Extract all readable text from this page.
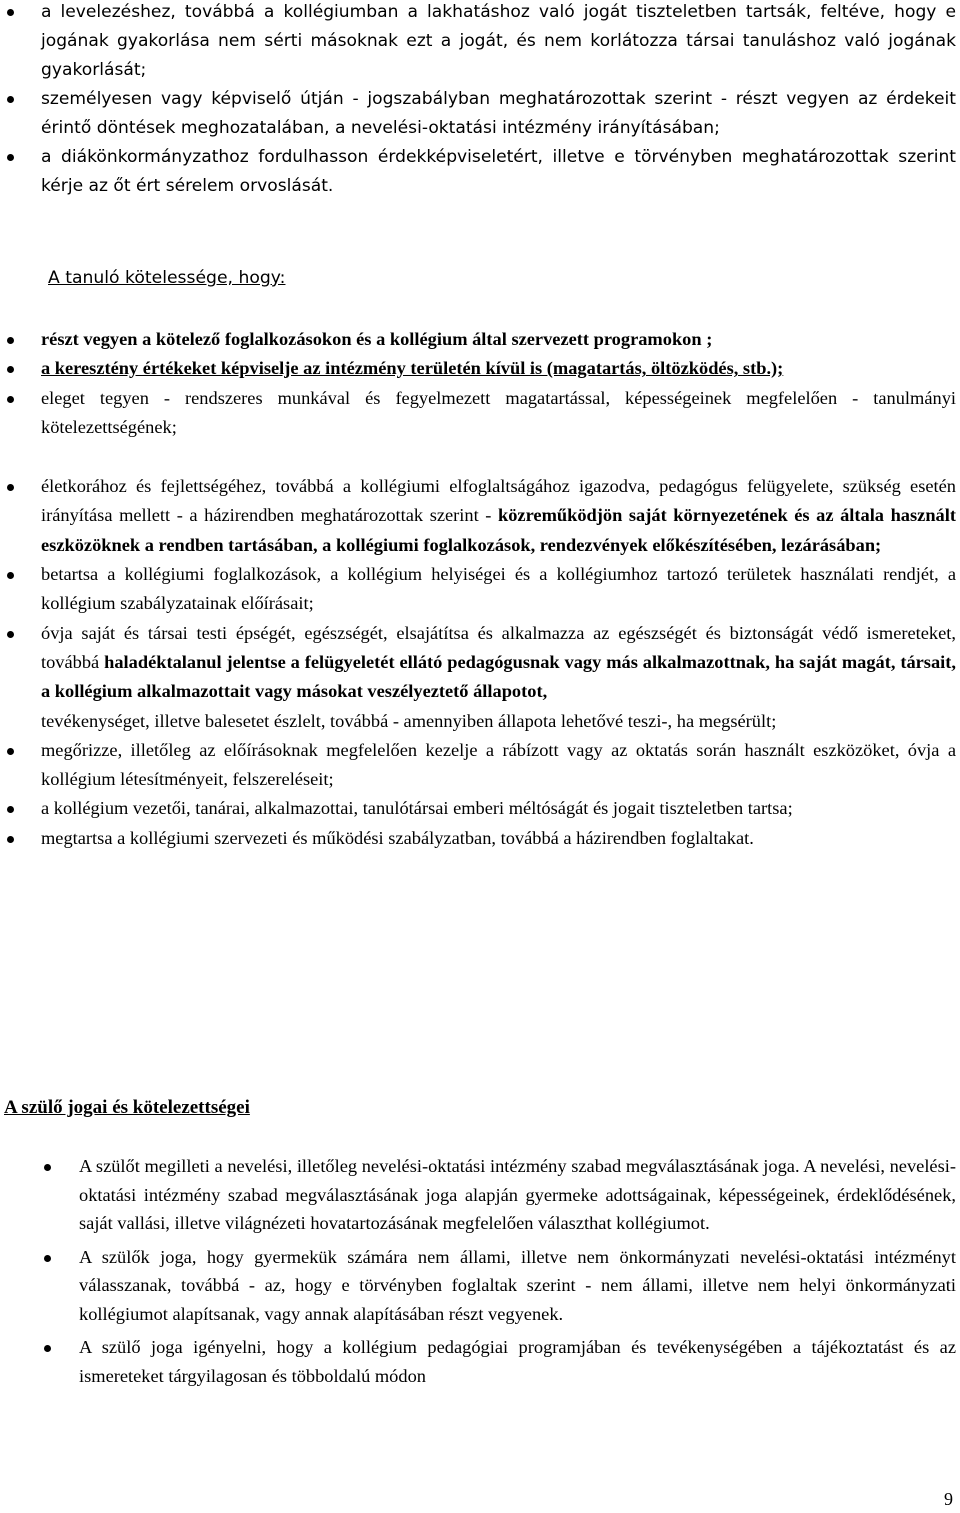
a levelezéshez, továbbá a kollégiumban a lakhatáshoz való jogát tiszteletben tartsák, feltéve, hogy e jogának gyakorlása nem sérti másoknak ezt a jogát, és nem korlátozza társai tanuláshoz való jogának gyakorlását;

személyesen vagy képviselő útján - jogszabályban meghatározottak szerint - részt vegyen az érdekeit érintő döntések meghozatalában, a nevelési-oktatási intézmény irányításában;

a diákönkormányzathoz fordulhasson érdekképviseletért, illetve e törvényben meghatározottak szerint kérje az őt ért sérelem orvoslását.

A tanuló kötelessége, hogy:

részt vegyen a kötelező foglalkozásokon és a kollégium által szervezett programokon ;

a keresztény értékeket képviselje az intézmény területén kívül is (magatartás, öltözködés, stb.);

eleget tegyen - rendszeres munkával és fegyelmezett magatartással, képességeinek megfelelően - tanulmányi kötelezettségének;

életkorához és fejlettségéhez, továbbá a kollégiumi elfoglaltságához igazodva, pedagógus felügyelete, szükség esetén irányítása mellett - a házirendben meghatározottak szerint - közreműködjön saját környezetének és az általa használt eszközöknek a rendben tartásában, a kollégiumi foglalkozások, rendezvények előkészítésében, lezárásában;

betartsa a kollégiumi foglalkozások, a kollégium helyiségei és a kollégiumhoz tartozó területek használati rendjét, a kollégium szabályzatainak előírásait;

óvja saját és társai testi épségét, egészségét, elsajátítsa és alkalmazza az egészségét és biztonságát védő ismereteket, továbbá haladéktalanul jelentse a felügyeletét ellátó pedagógusnak vagy más alkalmazottnak, ha saját magát, társait, a kollégium alkalmazottait vagy másokat veszélyeztető állapotot,

tevékenységet, illetve balesetet észlelt, továbbá - amennyiben állapota lehetővé teszi-, ha megsérült;

megőrizze, illetőleg az előírásoknak megfelelően kezelje a rábízott vagy az oktatás során használt eszközöket, óvja a kollégium létesítményeit, felszereléseit;

a kollégium vezetői, tanárai, alkalmazottai, tanulótársai emberi méltóságát és jogait tiszteletben tartsa;

megtartsa a kollégiumi szervezeti és működési szabályzatban, továbbá a házirendben foglaltakat.

A szülő jogai és kötelezettségei

A szülőt megilleti a nevelési, illetőleg nevelési-oktatási intézmény szabad megválasztásának joga. A nevelési, nevelési-oktatási intézmény szabad megválasztásának joga alapján gyermeke adottságainak, képességeinek, érdeklődésének, saját vallási, illetve világnézeti hovatartozásának megfelelően választhat kollégiumot.

A szülők joga, hogy gyermekük számára nem állami, illetve nem önkormányzati nevelési-oktatási intézményt válasszanak, továbbá - az, hogy e törvényben foglaltak szerint - nem állami, illetve nem helyi önkormányzati kollégiumot alapítsanak, vagy annak alapításában részt vegyenek.

A szülő joga igényelni, hogy a kollégium pedagógiai programjában és tevékenységében a tájékoztatást és az ismereteket tárgyilagosan és többoldalú módon

9
